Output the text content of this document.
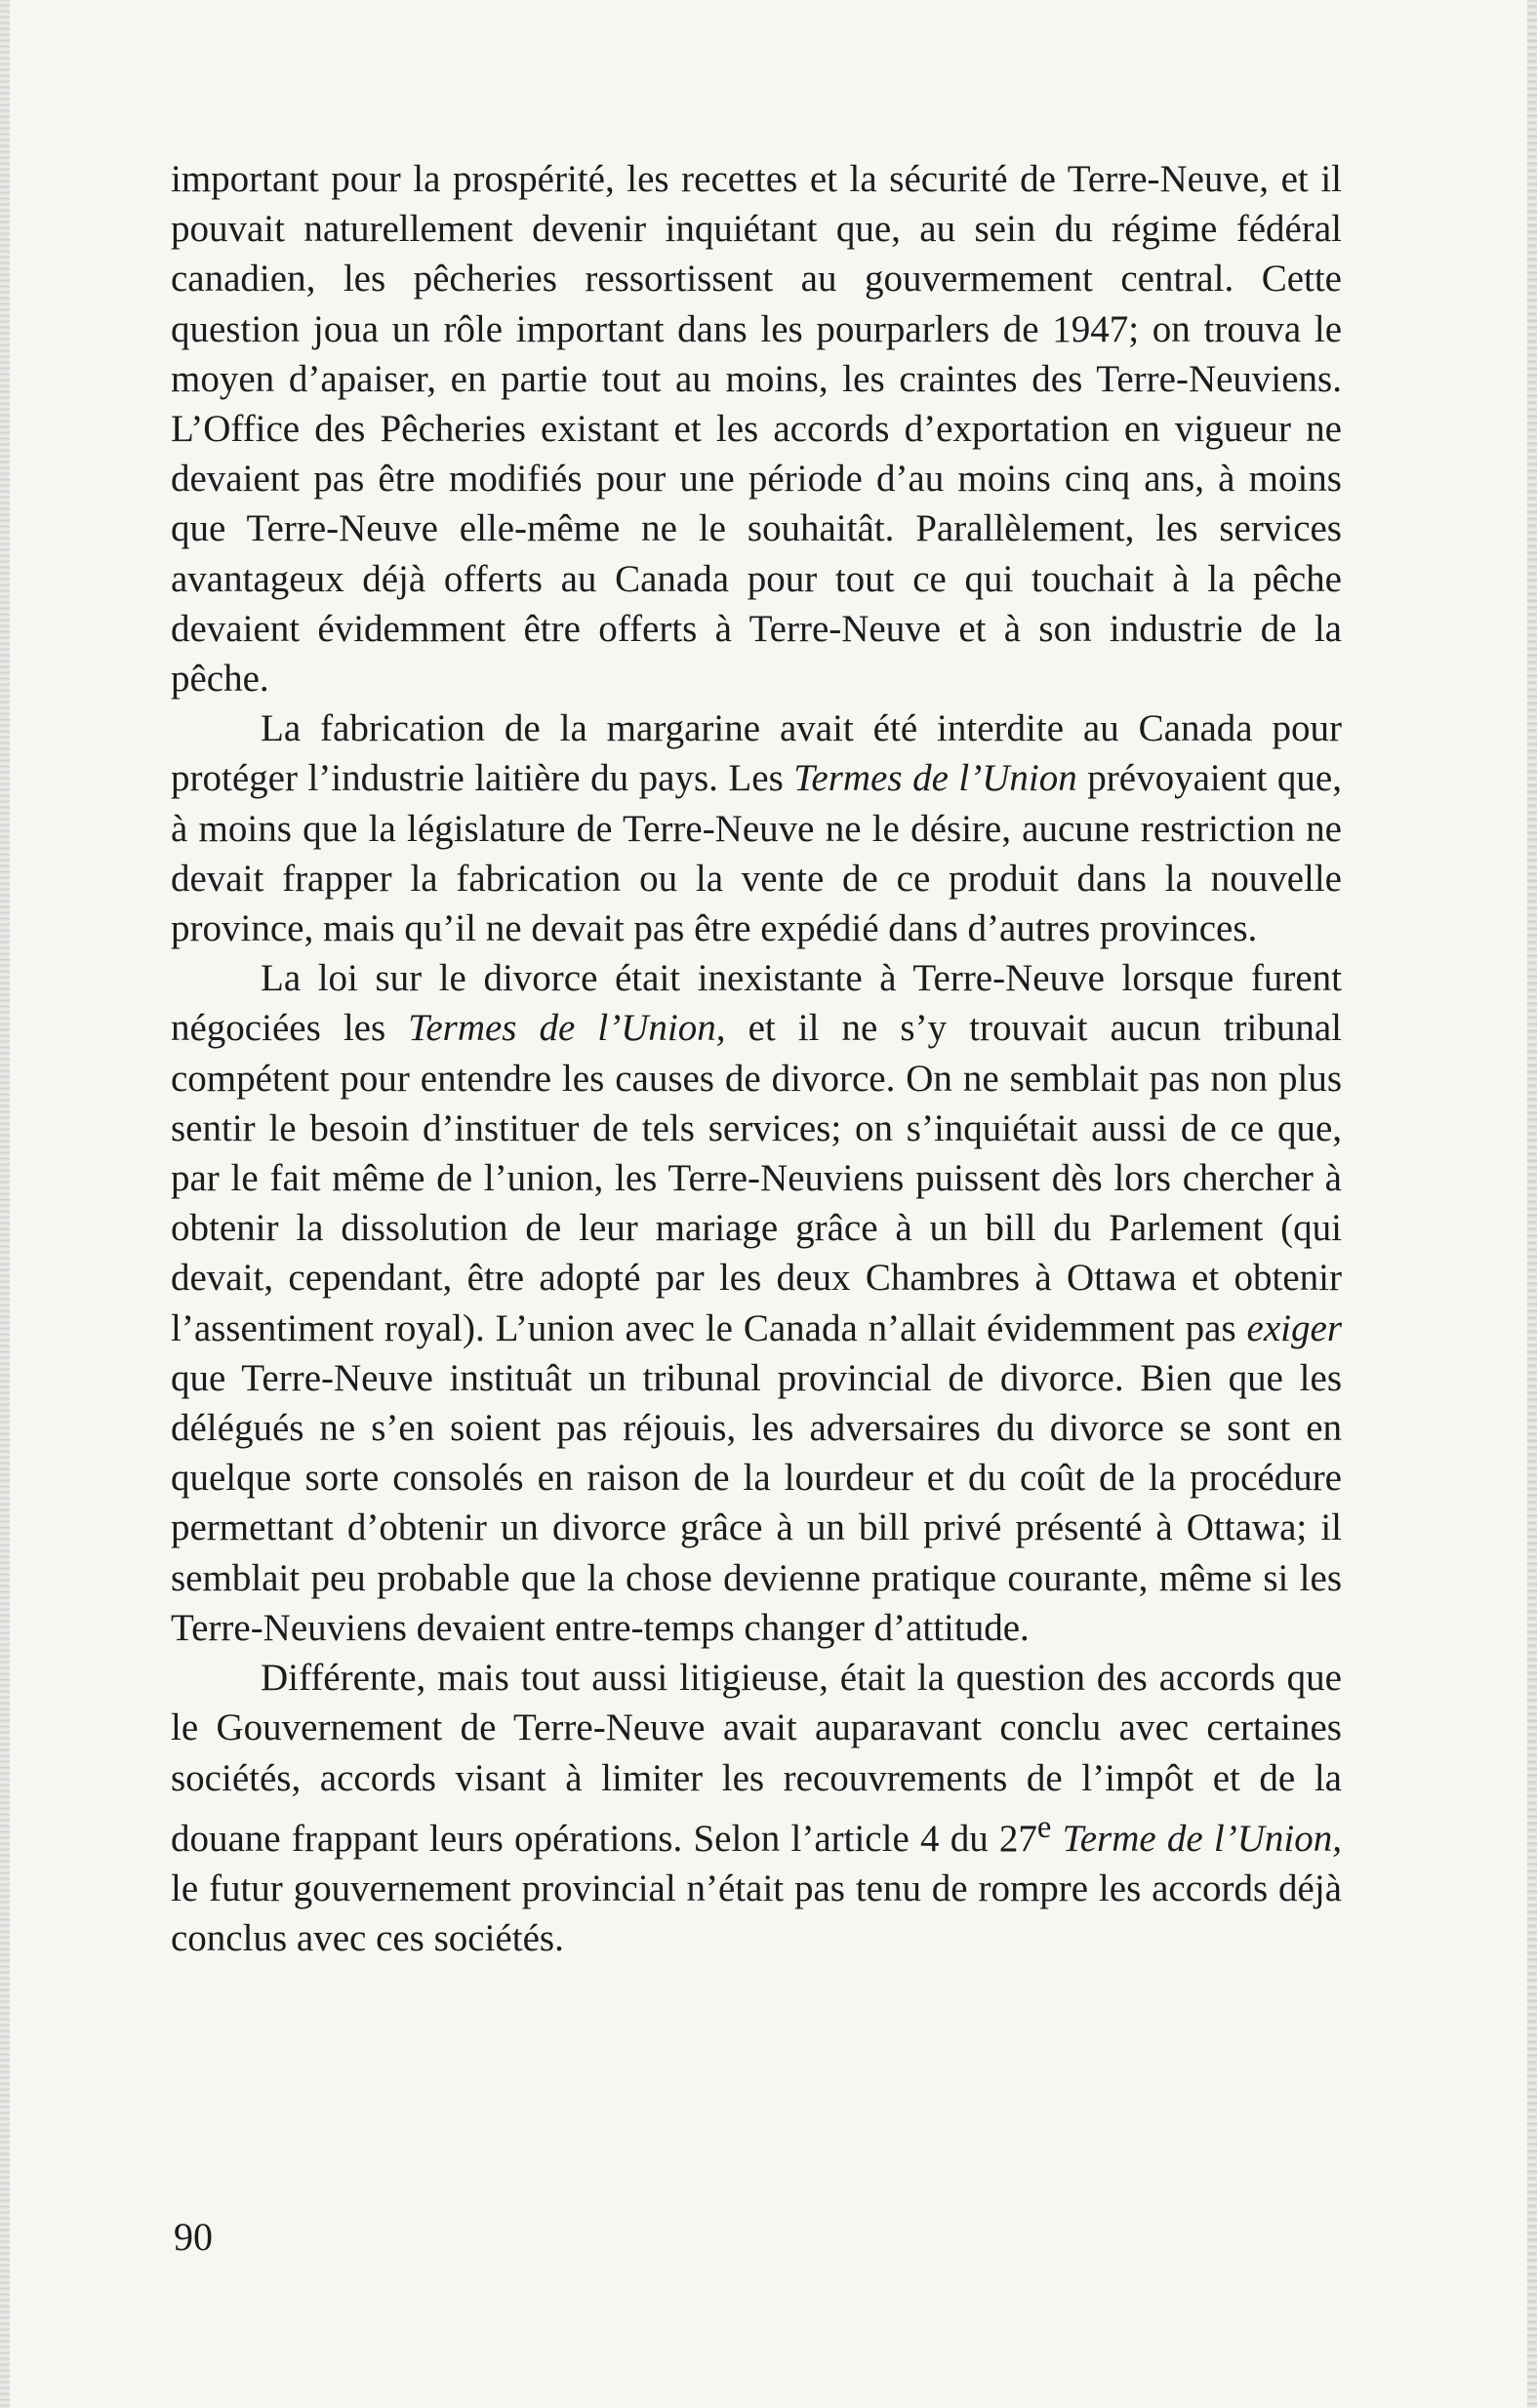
important pour la prospérité, les recettes et la sécurité de Terre-Neuve, et il pouvait naturellement devenir inquiétant que, au sein du régime fédéral canadien, les pêcheries ressortissent au gouvermement central. Cette question joua un rôle important dans les pourparlers de 1947; on trouva le moyen d’apaiser, en partie tout au moins, les craintes des Terre-Neuviens. L’Office des Pêcheries existant et les accords d’exportation en vigueur ne devaient pas être modifiés pour une période d’au moins cinq ans, à moins que Terre-Neuve elle-même ne le souhaitât. Parallèlement, les services avantageux déjà offerts au Canada pour tout ce qui touchait à la pêche devaient évidemment être offerts à Terre-Neuve et à son industrie de la pêche.

La fabrication de la margarine avait été interdite au Canada pour protéger l’industrie laitière du pays. Les Termes de l’Union prévoyaient que, à moins que la législature de Terre-Neuve ne le désire, aucune restriction ne devait frapper la fabrication ou la vente de ce produit dans la nouvelle province, mais qu’il ne devait pas être expédié dans d’autres provinces.

La loi sur le divorce était inexistante à Terre-Neuve lorsque furent négociées les Termes de l’Union, et il ne s’y trouvait aucun tribunal compétent pour entendre les causes de divorce. On ne semblait pas non plus sentir le besoin d’instituer de tels services; on s’inquiétait aussi de ce que, par le fait même de l’union, les Terre-Neuviens puissent dès lors chercher à obtenir la dissolution de leur mariage grâce à un bill du Parlement (qui devait, cependant, être adopté par les deux Chambres à Ottawa et obtenir l’assentiment royal). L’union avec le Canada n’allait évidemment pas exiger que Terre-Neuve instituât un tribunal provincial de divorce. Bien que les délégués ne s’en soient pas réjouis, les adversaires du divorce se sont en quelque sorte consolés en raison de la lourdeur et du coût de la procédure permettant d’obtenir un divorce grâce à un bill privé présenté à Ottawa; il semblait peu probable que la chose devienne pratique courante, même si les Terre-Neuviens devaient entre-temps changer d’attitude.

Différente, mais tout aussi litigieuse, était la question des accords que le Gouvernement de Terre-Neuve avait auparavant conclu avec certaines sociétés, accords visant à limiter les recouvrements de l’impôt et de la douane frappant leurs opérations. Selon l’article 4 du 27e Terme de l’Union, le futur gouvernement provincial n’était pas tenu de rompre les accords déjà conclus avec ces sociétés.

90
